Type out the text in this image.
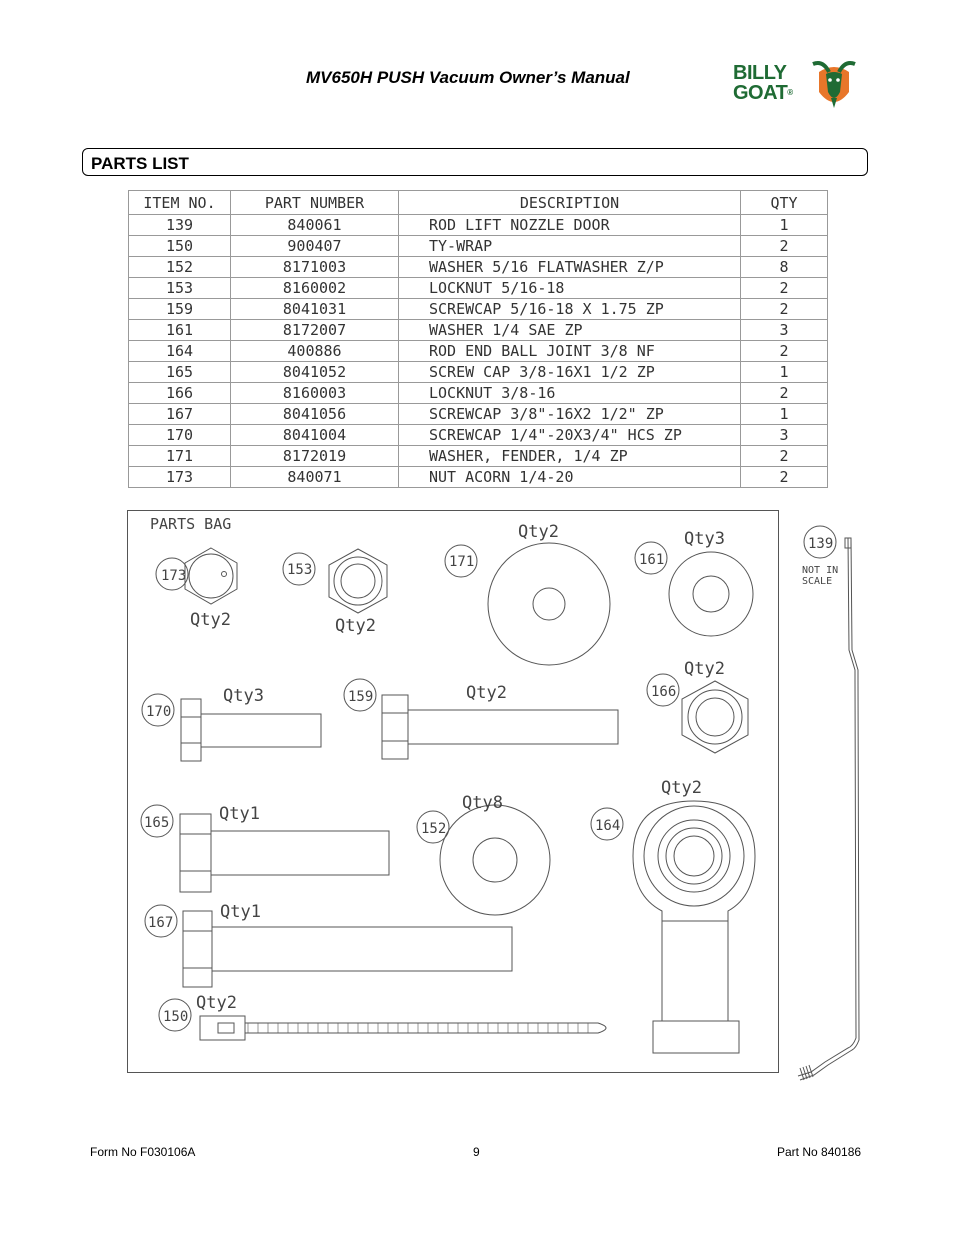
MV650H PUSH Vacuum Owner’s Manual	BILLY
GOAT®
PARTS LIST
ITEM NO.	PART NUMBER	DESCRIPTION	QTY
139	840061	ROD LIFT NOZZLE DOOR	1
150	900407	TY-WRAP	2
152	8171003	WASHER 5/16 FLATWASHER Z/P	8
153	8160002	LOCKNUT 5/16-18	2
159	8041031	SCREWCAP 5/16-18 X 1.75 ZP	2
161	8172007	WASHER 1/4 SAE ZP	3
164	400886	ROD END BALL JOINT 3/8 NF	2
165	8041052	SCREW CAP 3/8-16X1 1/2 ZP	1
166	8160003	LOCKNUT 3/8-16	2
167	8041056	SCREWCAP 3/8"-16X2 1/2" ZP	1
170	8041004	SCREWCAP 1/4"-20X3/4" HCS ZP	3
171	8172019	WASHER, FENDER, 1/4 ZP	2
173	840071	NUT ACORN 1/4-20	2
PARTS BAG
173
Qty2
153
Qty2
171
Qty2
161
Qty3
170
Qty3	159	Qty2	166
Qty2
165	Qty1
152
Qty8
164
Qty2
167
Qty1
150
Qty2
139
NOT IN
SCALE
Form No F030106A	9	Part No 840186
